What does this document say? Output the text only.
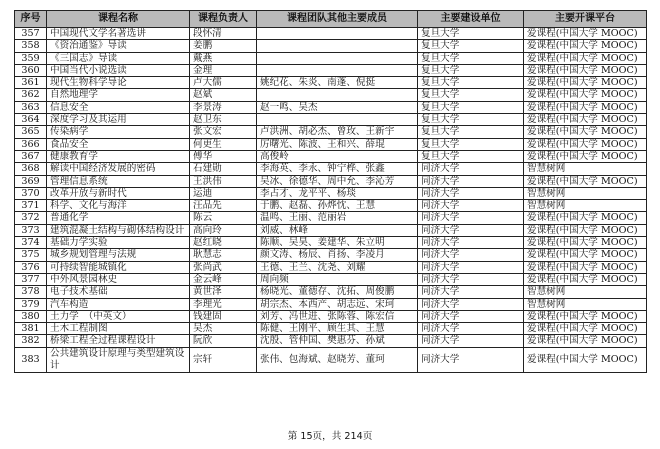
序号	课程名称	课程负责人	课程团队其他主要成员	主要建设单位	主要开课平台
357	中国现代文学名著选讲	段怀清		复旦大学	爱课程(中国大学 MOOC)
358	《资治通鉴》导读	姜鹏		复旦大学	爱课程(中国大学 MOOC)
359	《三国志》导读	戴燕		复旦大学	爱课程(中国大学 MOOC)
360	中国当代小说选读	金理		复旦大学	爱课程(中国大学 MOOC)
361	现代生物科学导论	卢大儒	姚纪花、朱炎、南蓬、倪挺	复旦大学	爱课程(中国大学 MOOC)
362	自然地理学	赵斌		复旦大学	爱课程(中国大学 MOOC)
363	信息安全	李景涛	赵一鸣、吴杰	复旦大学	爱课程(中国大学 MOOC)
364	深度学习及其运用	赵卫东		复旦大学	爱课程(中国大学 MOOC)
365	传染病学	张文宏	卢洪洲、胡必杰、曾玫、王新宇	复旦大学	爱课程(中国大学 MOOC)
366	食品安全	何更生	厉曙光、陈波、王和兴、薛琨	复旦大学	爱课程(中国大学 MOOC)
367	健康教育学	傅华	高俊岭	复旦大学	爱课程(中国大学 MOOC)
368	解读中国经济发展的密码	石建勋	李海英、李永、钟宁桦、张鑫	同济大学	智慧树网
369	管理信息系统	王洪伟	吴冰、徐德华、周中允、李沁芳	同济大学	爱课程(中国大学 MOOC)
370	改革开放与新时代	运迪	李占才、龙平平、杨琰	同济大学	智慧树网
371	科学、文化与海洋	汪品先	于鹏、赵磊、孙烨忱、王慧	同济大学	智慧树网
372	普通化学	陈云	温鸣、王丽、范丽岩	同济大学	爱课程(中国大学 MOOC)
373	建筑混凝土结构与砌体结构设计	高向玲	刘威、林峰	同济大学	爱课程(中国大学 MOOC)
374	基础力学实验	赵红晓	陈顺、吴昊、姜建华、朱立明	同济大学	爱课程(中国大学 MOOC)
375	城乡规划管理与法规	耿慧志	颜文涛、杨辰、肖扬、李凌月	同济大学	爱课程(中国大学 MOOC)
376	可持续智能城镇化	张尚武	王德、王兰、沈尧、刘耀	同济大学	爱课程(中国大学 MOOC)
377	中外风景园林史	金云峰	周向频	同济大学	爱课程(中国大学 MOOC)
378	电子技术基础	黄世泽	杨晓光、董德存、沈拓、周俊鹏	同济大学	智慧树网
379	汽车构造	李理光	胡宗杰、本西产、胡志远、宋珂	同济大学	智慧树网
380	土力学　（中英文）	钱建固	刘芳、冯世进、张陈蓉、陈宏信	同济大学	爱课程(中国大学 MOOC)
381	土木工程制图	吴杰	陈健、王刚平、顾生其、王慧	同济大学	爱课程(中国大学 MOOC)
382	桥梁工程全过程课程设计	阮欣	沈殷、管仲国、樊惠芬、孙斌	同济大学	爱课程(中国大学 MOOC)
383	公共建筑设计原理与类型建筑设计	宗轩	张伟、包海斌、赵晓芳、董珂	同济大学	爱课程(中国大学 MOOC)
第 15页，共 214页
